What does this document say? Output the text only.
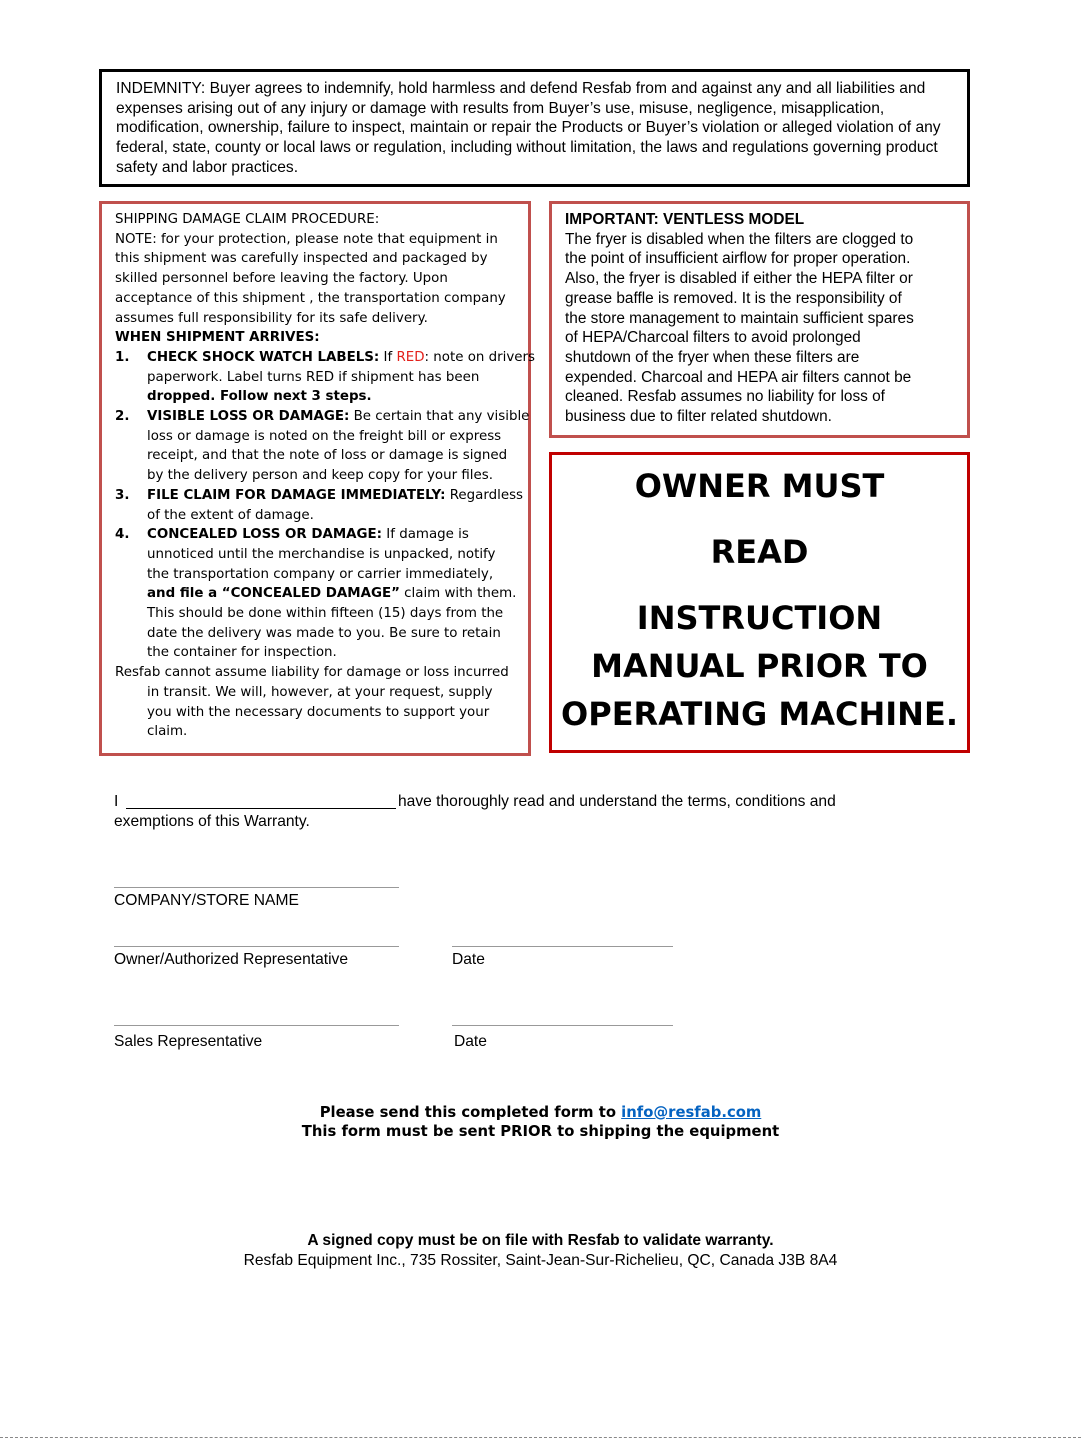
INDEMNITY: Buyer agrees to indemnify, hold harmless and defend Resfab from and against any and all liabilities and expenses arising out of any injury or damage with results from Buyer’s use, misuse, negligence, misapplication, modification, ownership, failure to inspect, maintain or repair the Products or Buyer’s violation or alleged violation of any federal, state, county or local laws or regulation, including without limitation, the laws and regulations governing product safety and labor practices.
SHIPPING DAMAGE CLAIM PROCEDURE:
NOTE: for your protection, please note that equipment in
this shipment was carefully inspected and packaged by
skilled personnel before leaving the factory. Upon
acceptance of this shipment , the transportation company
assumes full responsibility for its safe delivery.
WHEN SHIPMENT ARRIVES:
1. CHECK SHOCK WATCH LABELS: If RED: note on drivers
paperwork. Label turns RED if shipment has been
dropped. Follow next 3 steps.
2. VISIBLE LOSS OR DAMAGE: Be certain that any visible
loss or damage is noted on the freight bill or express
receipt, and that the note of loss or damage is signed
by the delivery person and keep copy for your files.
3. FILE CLAIM FOR DAMAGE IMMEDIATELY: Regardless
of the extent of damage.
4. CONCEALED LOSS OR DAMAGE: If damage is
unnoticed until the merchandise is unpacked, notify
the transportation company or carrier immediately,
and file a “CONCEALED DAMAGE” claim with them.
This should be done within fifteen (15) days from the
date the delivery was made to you. Be sure to retain
the container for inspection.
Resfab cannot assume liability for damage or loss incurred
in transit. We will, however, at your request, supply
you with the necessary documents to support your
claim.
IMPORTANT: VENTLESS MODEL
The fryer is disabled when the filters are clogged to
the point of insufficient airflow for proper operation.
Also, the fryer is disabled if either the HEPA filter or
grease baffle is removed. It is the responsibility of
the store management to maintain sufficient spares
of HEPA/Charcoal filters to avoid prolonged
shutdown of the fryer when these filters are
expended. Charcoal and HEPA air filters cannot be
cleaned. Resfab assumes no liability for loss of
business due to filter related shutdown.
OWNER MUST
READ
INSTRUCTION
MANUAL PRIOR TO
OPERATING MACHINE.
I	have thoroughly read and understand the terms, conditions and
exemptions of this Warranty.
COMPANY/STORE NAME
Owner/Authorized Representative	Date
Sales Representative	Date
Please send this completed form to info@resfab.com
This form must be sent PRIOR to shipping the equipment
A signed copy must be on file with Resfab to validate warranty.
Resfab Equipment Inc., 735 Rossiter, Saint-Jean-Sur-Richelieu, QC, Canada J3B 8A4
